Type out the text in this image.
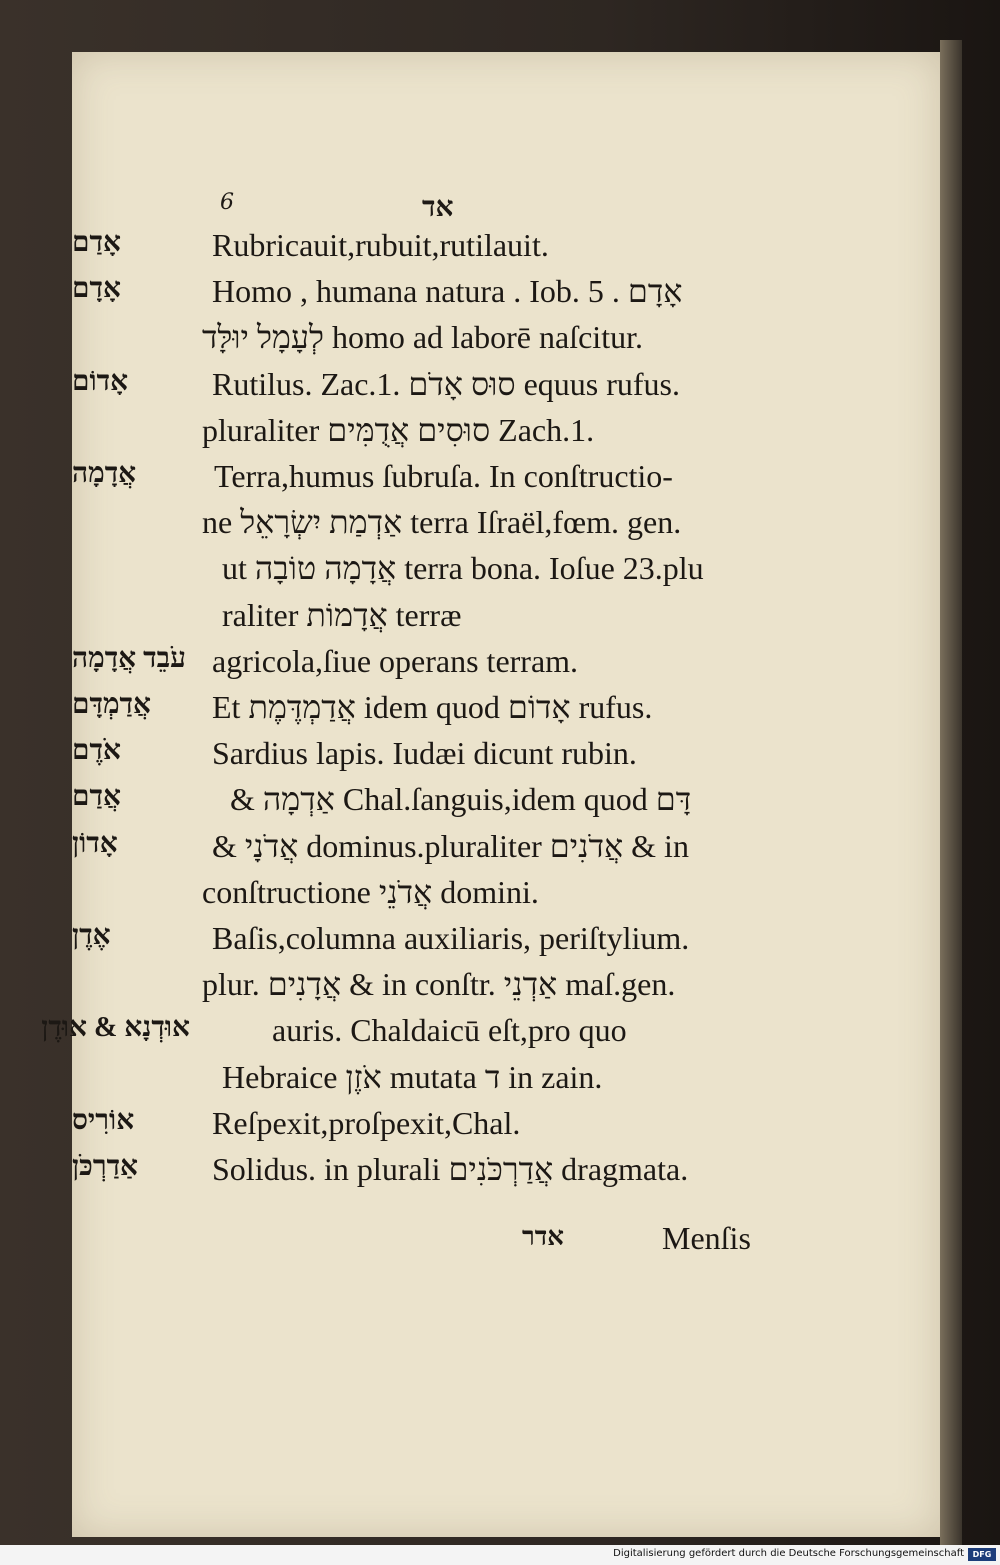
6	אד
אָדַם	Rubricauit,rubuit,rutilauit.
אָדָם	Homo , humana natura . Iob. 5 . אָדָם
לְעָמָל יוּלָּד homo ad laborē naſcitur.
אָדוֹם	Rutilus. Zac.1. סוּס אָדֹם equus rufus.
pluraliter סוּסִים אֲדֻמִּים Zach.1.
אֲדָמָה	Terra,humus ſubruſa. In conſtructio-
ne אַדְמַת יִשְׂרָאֵל terra Iſraël,fœm. gen.
ut אֲדָמָה טוֹבָה terra bona. Ioſue 23.plu
raliter אֲדָמוֹת terræ
עֹבֵד אֲדָמָה agricola,ſiue operans terram.
אֲדַמְדָּם	Et אֲדַמְדֶּמֶת idem quod אָדוֹם rufus.
אֹדֶם	Sardius lapis. Iudæi dicunt rubin.
אֲדַם	& אַדְמָה Chal.ſanguis,idem quod דָּם
אָדוֹן	& אֲדֹנָי dominus.pluraliter אֲדֹנִים & in
conſtructione אֲדֹנֵי domini.
אֶדֶן	Baſis,columna auxiliaris, periſtylium.
plur. אֲדָנִים & in conſtr. אַדְנֵי maſ.gen.
אוּדְנָא & אוּדֶן	auris. Chaldaicū eſt,pro quo
Hebraice אֹזֶן mutata ד in zain.
אוֹרִיס	Reſpexit,proſpexit,Chal.
אַדַרְכֹּן	Solidus. in plurali אֲדַרְכֹּנִים dragmata.
אדר	Menſis
Digitalisierung gefördert durch die Deutsche Forschungsgemeinschaft	DFG
